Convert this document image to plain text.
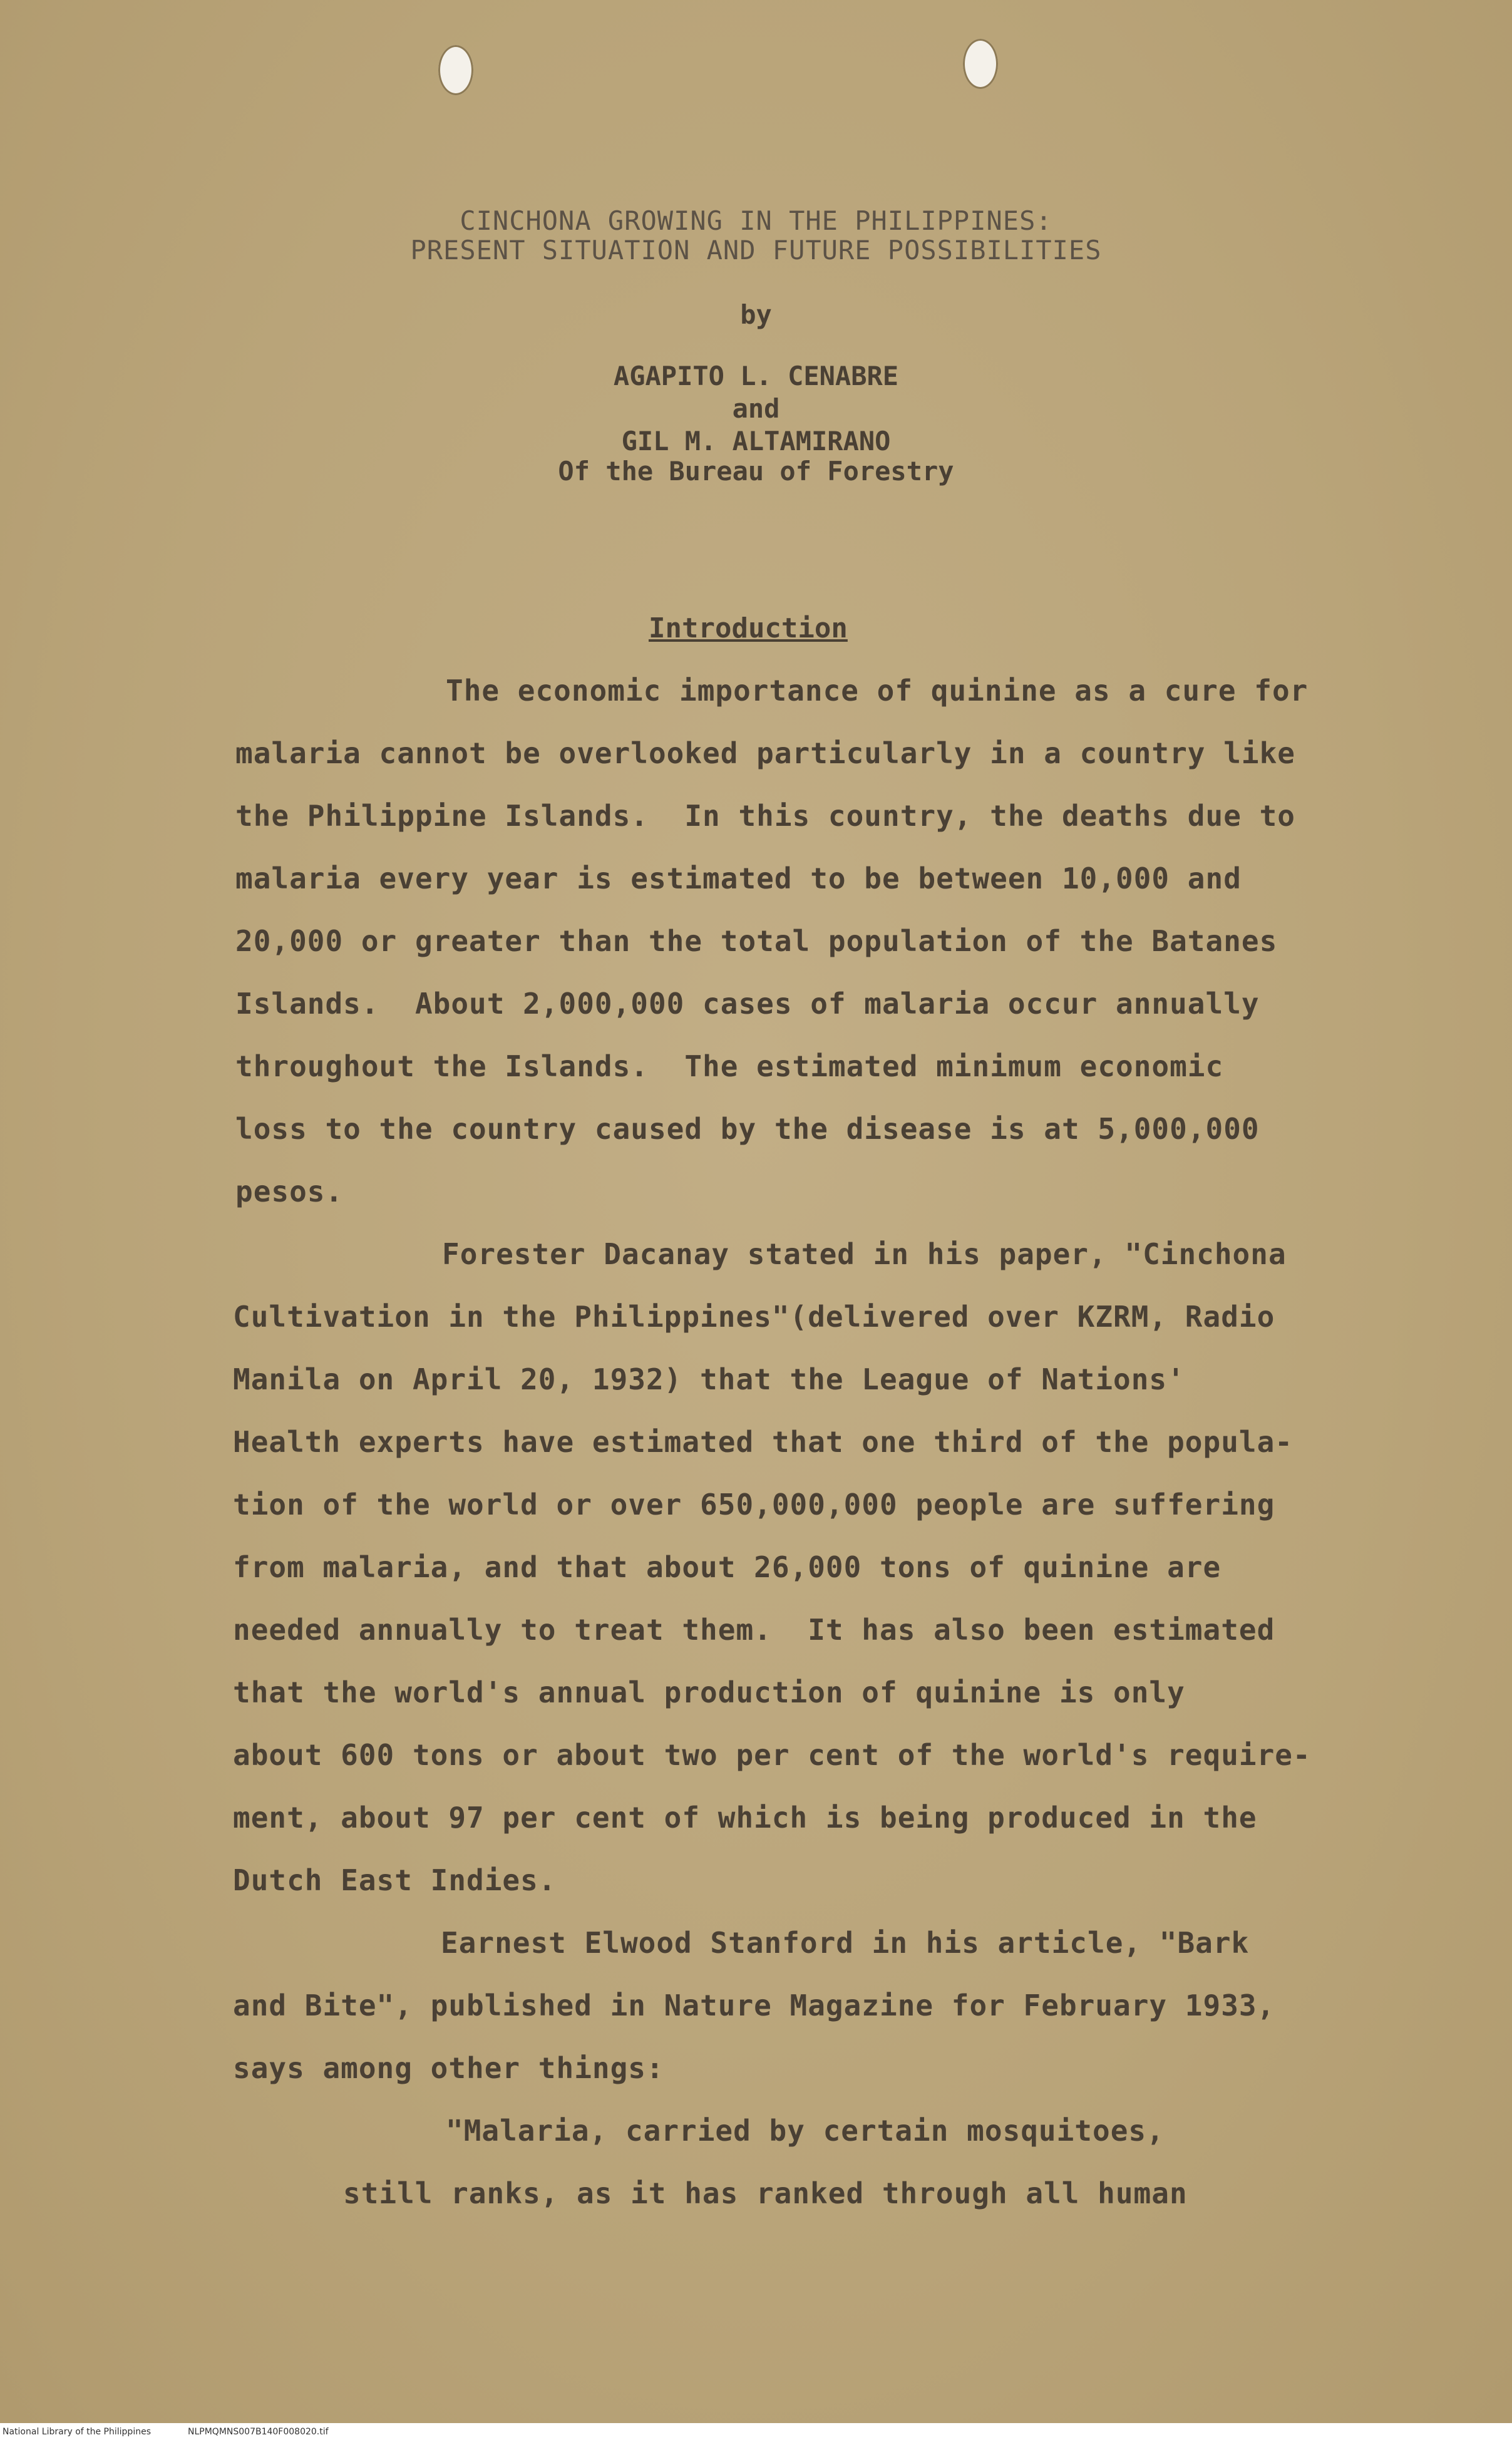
CINCHONA GROWING IN THE PHILIPPINES:
PRESENT SITUATION AND FUTURE POSSIBILITIES
by
AGAPITO L. CENABRE
and
GIL M. ALTAMIRANO
Of the Bureau of Forestry
Introduction
The economic importance of quinine as a cure for
malaria cannot be overlooked particularly in a country like
the Philippine Islands.  In this country, the deaths due to
malaria every year is estimated to be between 10,000 and
20,000 or greater than the total population of the Batanes
Islands.  About 2,000,000 cases of malaria occur annually
throughout the Islands.  The estimated minimum economic
loss to the country caused by the disease is at 5,000,000
pesos.
Forester Dacanay stated in his paper, "Cinchona
Cultivation in the Philippines"(delivered over KZRM, Radio
Manila on April 20, 1932) that the League of Nations'
Health experts have estimated that one third of the popula-
tion of the world or over 650,000,000 people are suffering
from malaria, and that about 26,000 tons of quinine are
needed annually to treat them.  It has also been estimated
that the world's annual production of quinine is only
about 600 tons or about two per cent of the world's require-
ment, about 97 per cent of which is being produced in the
Dutch East Indies.
Earnest Elwood Stanford in his article, "Bark
and Bite", published in Nature Magazine for February 1933,
says among other things:
"Malaria, carried by certain mosquitoes,
still ranks, as it has ranked through all human
National Library of the Philippines	NLPMQMNS007B140F008020.tif
